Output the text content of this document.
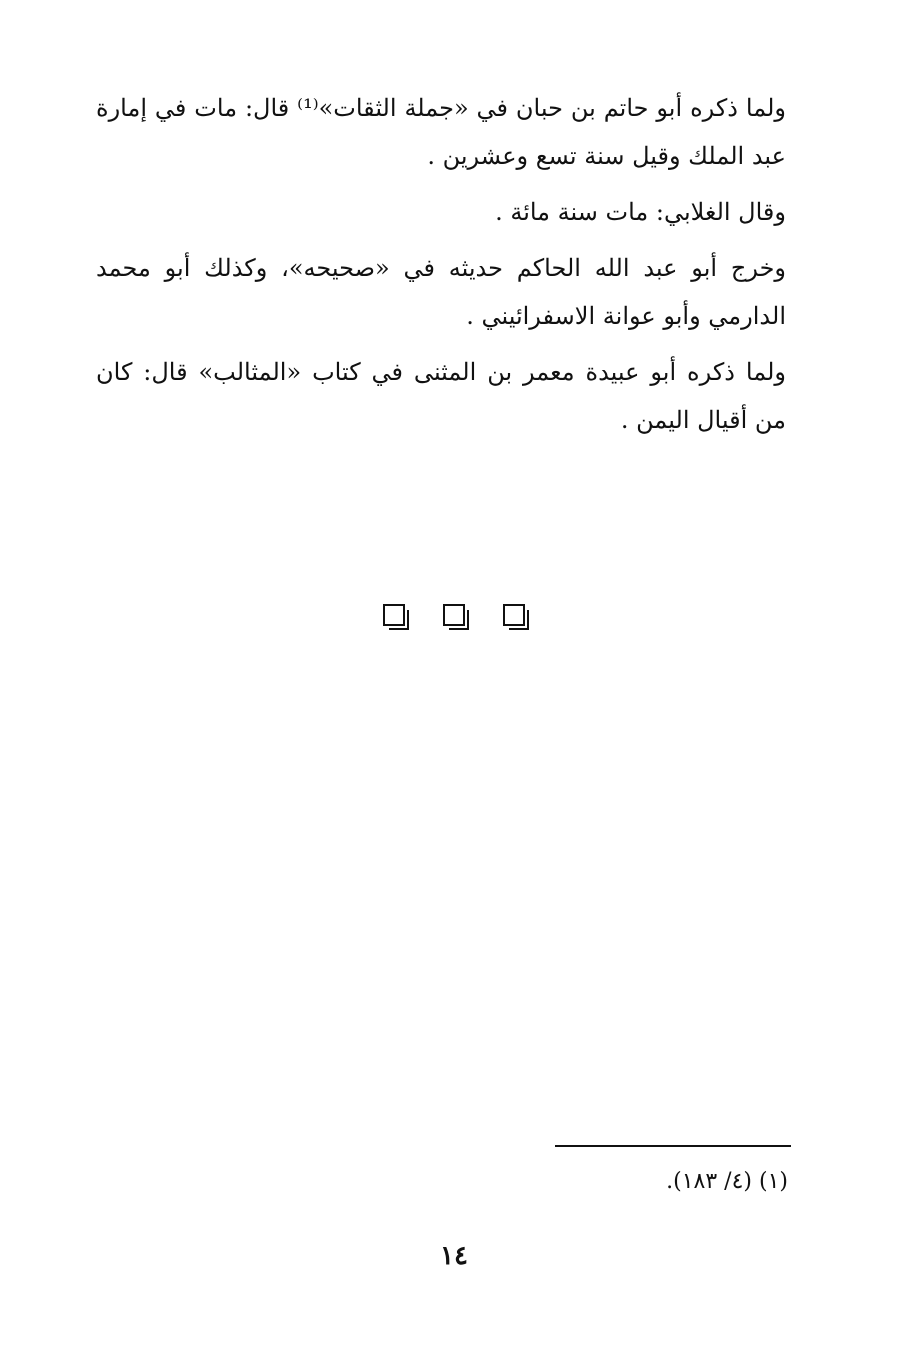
ولما ذكره أبو حاتم بن حبان في «جملة الثقات»⁽¹⁾ قال: مات في إمارة عبد الملك وقيل سنة تسع وعشرين .

وقال الغلابي: مات سنة مائة .

وخرج أبو عبد الله الحاكم حديثه في «صحيحه»، وكذلك أبو محمد الدارمي وأبو عوانة الاسفرائيني .

ولما ذكره أبو عبيدة معمر بن المثنى في كتاب «المثالب» قال: كان من أقيال اليمن .

(١) (٤/ ١٨٣).
١٤
